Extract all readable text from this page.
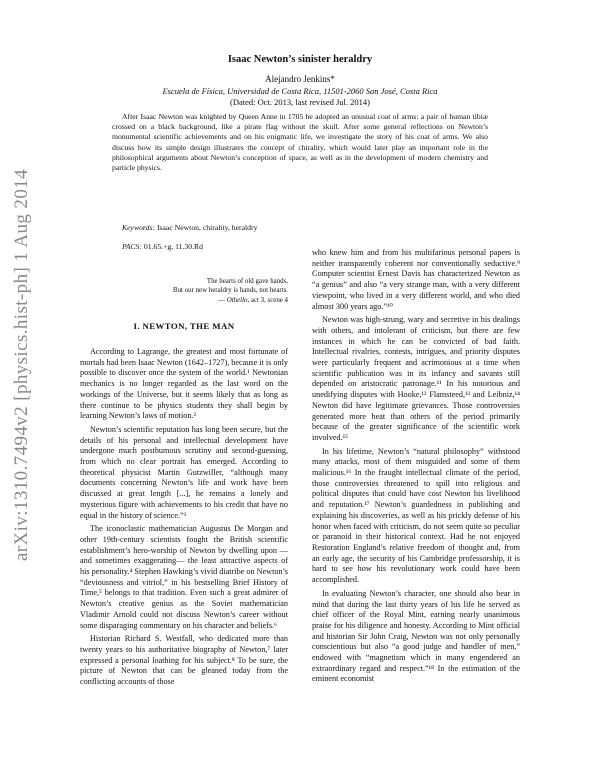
arXiv:1310.7494v2 [physics.hist-ph] 1 Aug 2014
Isaac Newton’s sinister heraldry
Alejandro Jenkins*
Escuela de Física, Universidad de Costa Rica, 11501-2060 San José, Costa Rica
(Dated: Oct. 2013, last revised Jul. 2014)

After Isaac Newton was knighted by Queen Anne in 1705 he adopted an unusual coat of arms: a pair of human tibiæ crossed on a black background, like a pirate flag without the skull. After some general reflections on Newton’s monumental scientific achievements and on his enigmatic life, we investigate the story of his coat of arms. We also discuss how its simple design illustrates the concept of chirality, which would later play an important role in the philosophical arguments about Newton’s conception of space, as well as in the development of modern chemistry and particle physics.

Keywords: Isaac Newton, chirality, heraldry
PACS: 01.65.+g, 11.30.Rd
The hearts of old gave hands,
But our new heraldry is hands, not hearts.
— Othello, act 3, scene 4
I. NEWTON, THE MAN

According to Lagrange, the greatest and most fortunate of mortals had been Isaac Newton (1642–1727), because it is only possible to discover once the system of the world.¹ Newtonian mechanics is no longer regarded as the last word on the workings of the Universe, but it seems likely that as long as there continue to be physics students they shall begin by learning Newton’s laws of motion.²

Newton’s scientific reputation has long been secure, but the details of his personal and intellectual development have undergone much posthumous scrutiny and second-guessing, from which no clear portrait has emerged. According to theoretical physicist Martin Gutzwiller, “although many documents concerning Newton’s life and work have been discussed at great length [...], he remains a lonely and mysterious figure with achievements to his credit that have no equal in the history of science.”³

The iconoclastic mathematician Augustus De Morgan and other 19th-century scientists fought the British scientific establishment’s hero-worship of Newton by dwelling upon —and sometimes exaggerating— the least attractive aspects of his personality.⁴ Stephen Hawking’s vivid diatribe on Newton’s “deviousness and vitriol,” in his bestselling Brief History of Time,⁵ belongs to that tradition. Even such a great admirer of Newton’s creative genius as the Soviet mathematician Vladimir Arnold could not discuss Newton’s career without some disparaging commentary on his character and beliefs.⁶

Historian Richard S. Westfall, who dedicated more than twenty years to his authoritative biography of Newton,⁷ later expressed a personal loathing for his subject.⁸ To be sure, the picture of Newton that can be gleaned today from the conflicting accounts of those

who knew him and from his multifarious personal papers is neither transparently coherent nor conventionally seductive.⁹ Computer scientist Ernest Davis has characterized Newton as “a genius” and also “a very strange man, with a very different viewpoint, who lived in a very different world, and who died almost 300 years ago.”¹⁰

Newton was high-strung, wary and secretive in his dealings with others, and intolerant of criticism, but there are few instances in which he can be convicted of bad faith. Intellectual rivalries, contests, intrigues, and priority disputes were particularly frequent and acrimonious at a time when scientific publication was in its infancy and savants still depended on aristocratic patronage.¹¹ In his notorious and unedifying disputes with Hooke,¹² Flamsteed,¹³ and Leibniz,¹⁴ Newton did have legitimate grievances. Those controversies generated more heat than others of the period primarily because of the greater significance of the scientific work involved.¹⁵

In his lifetime, Newton’s “natural philosophy” withstood many attacks, most of them misguided and some of them malicious.¹⁶ In the fraught intellectual climate of the period, those controversies threatened to spill into religious and political disputes that could have cost Newton his livelihood and reputation.¹⁷ Newton’s guardedness in publishing and explaining his discoveries, as well as his prickly defense of his honor when faced with criticism, do not seem quite so peculiar or paranoid in their historical context. Had he not enjoyed Restoration England’s relative freedom of thought and, from an early age, the security of his Cambridge professorship, it is hard to see how his revolutionary work could have been accomplished.

In evaluating Newton’s character, one should also bear in mind that during the last thirty years of his life he served as chief officer of the Royal Mint, earning nearly unanimous praise for his diligence and honesty. According to Mint official and historian Sir John Craig, Newton was not only personally conscientious but also “a good judge and handler of men,” endowed with “magnetism which in many engendered an extraordinary regard and respect.”¹⁸ In the estimation of the eminent economist
